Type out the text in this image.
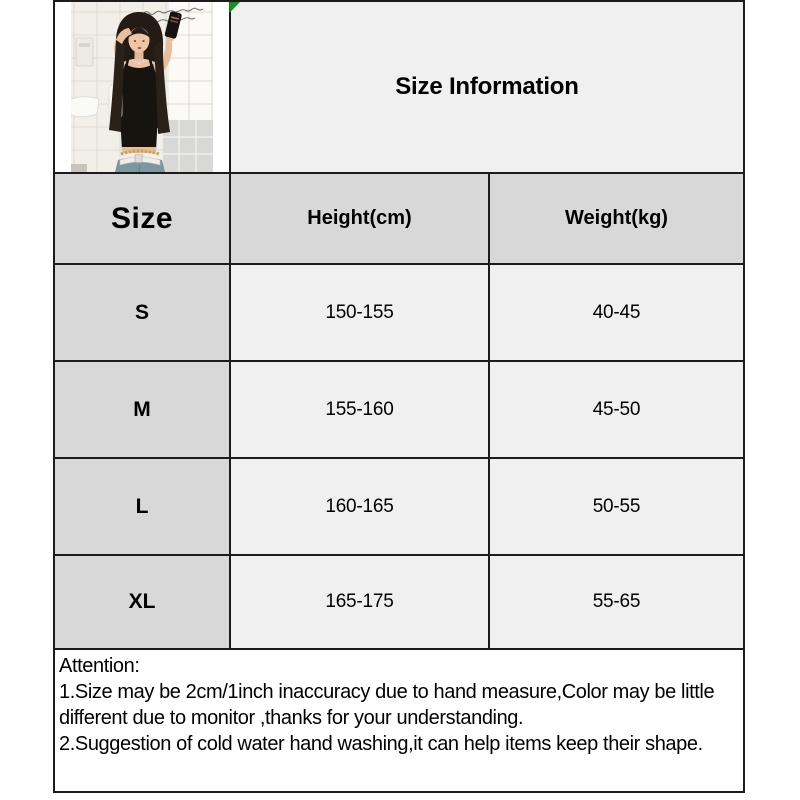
Size Information
Size	Height(cm)	Weight(kg)
S	150-155	40-45
M	155-160	45-50
L	160-165	50-55
XL	165-175	55-65
Attention:
1.Size may be 2cm/1inch inaccuracy due to hand measure,Color may be little
different due to monitor ,thanks for your understanding.
2.Suggestion of cold water hand washing,it can help items keep their shape.
